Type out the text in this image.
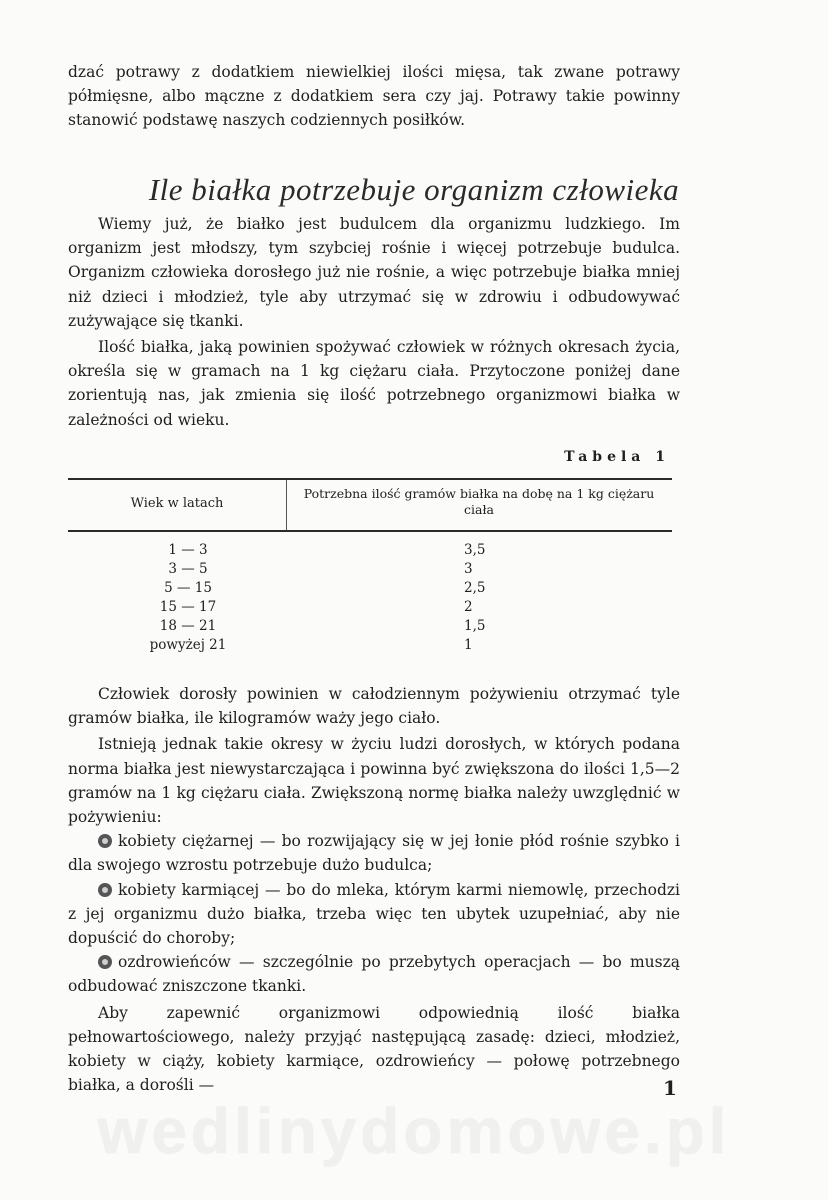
dzać potrawy z dodatkiem niewielkiej ilości mięsa, tak zwane potrawy półmięsne, albo mączne z dodatkiem sera czy jaj. Potrawy takie powinny stanowić podstawę naszych codziennych posiłków.

Ile białka potrzebuje organizm człowieka

Wiemy już, że białko jest budulcem dla organizmu ludzkiego. Im organizm jest młodszy, tym szybciej rośnie i więcej potrzebuje budulca. Organizm człowieka dorosłego już nie rośnie, a więc potrzebuje białka mniej niż dzieci i młodzież, tyle aby utrzymać się w zdrowiu i odbudowywać zużywające się tkanki.

Ilość białka, jaką powinien spożywać człowiek w różnych okresach życia, określa się w gramach na 1 kg ciężaru ciała. Przytoczone poniżej dane zorientują nas, jak zmienia się ilość potrzebnego organizmowi białka w zależności od wieku.

Tabela 1
Wiek w latach
Potrzebna ilość gramów białka na dobę na 1 kg ciężaru ciała
1 — 3	3,5
3 — 5	3
5 — 15	2,5
15 — 17	2
18 — 21	1,5
powyżej 21	1

Człowiek dorosły powinien w całodziennym pożywieniu otrzymać tyle gramów białka, ile kilogramów waży jego ciało.

Istnieją jednak takie okresy w życiu ludzi dorosłych, w których podana norma białka jest niewystarczająca i powinna być zwiększona do ilości 1,5—2 gramów na 1 kg ciężaru ciała. Zwiększoną normę białka należy uwzględnić w pożywieniu:

kobiety ciężarnej — bo rozwijający się w jej łonie płód rośnie szybko i dla swojego wzrostu potrzebuje dużo budulca;

kobiety karmiącej — bo do mleka, którym karmi niemowlę, przechodzi z jej organizmu dużo białka, trzeba więc ten ubytek uzupełniać, aby nie dopuścić do choroby;

ozdrowieńców — szczególnie po przebytych operacjach — bo muszą odbudować zniszczone tkanki.

Aby zapewnić organizmowi odpowiednią ilość białka pełnowartościowego, należy przyjąć następującą zasadę: dzieci, młodzież, kobiety w ciąży, kobiety karmiące, ozdrowieńcy — połowę potrzebnego białka, a dorośli —	1
wedlinydomowe.pl
